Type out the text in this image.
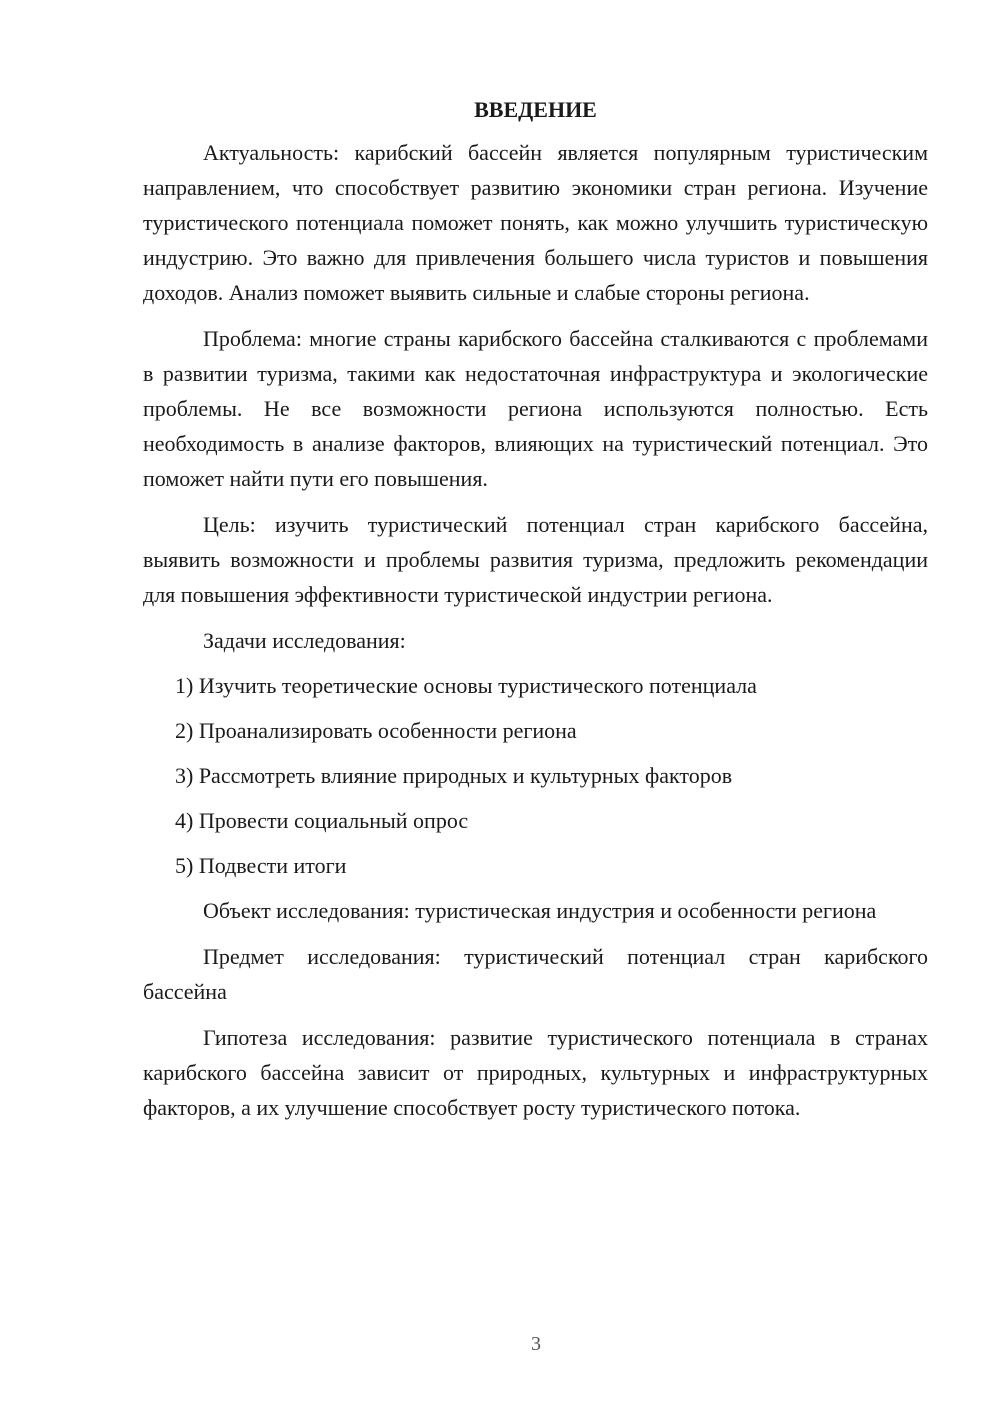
ВВЕДЕНИЕ

Актуальность: карибский бассейн является популярным туристическим направлением, что способствует развитию экономики стран региона. Изучение туристического потенциала поможет понять, как можно улучшить туристическую индустрию. Это важно для привлечения большего числа туристов и повышения доходов. Анализ поможет выявить сильные и слабые стороны региона.

Проблема: многие страны карибского бассейна сталкиваются с проблемами в развитии туризма, такими как недостаточная инфраструктура и экологические проблемы. Не все возможности региона используются полностью. Есть необходимость в анализе факторов, влияющих на туристический потенциал. Это поможет найти пути его повышения.

Цель: изучить туристический потенциал стран карибского бассейна, выявить возможности и проблемы развития туризма, предложить рекомендации для повышения эффективности туристической индустрии региона.

Задачи исследования:
1) Изучить теоретические основы туристического потенциала
2) Проанализировать особенности региона
3) Рассмотреть влияние природных и культурных факторов
4) Провести социальный опрос
5) Подвести итоги

Объект исследования: туристическая индустрия и особенности региона

Предмет исследования: туристический потенциал стран карибского бассейна

Гипотеза исследования: развитие туристического потенциала в странах карибского бассейна зависит от природных, культурных и инфраструктурных факторов, а их улучшение способствует росту туристического потока.

3
